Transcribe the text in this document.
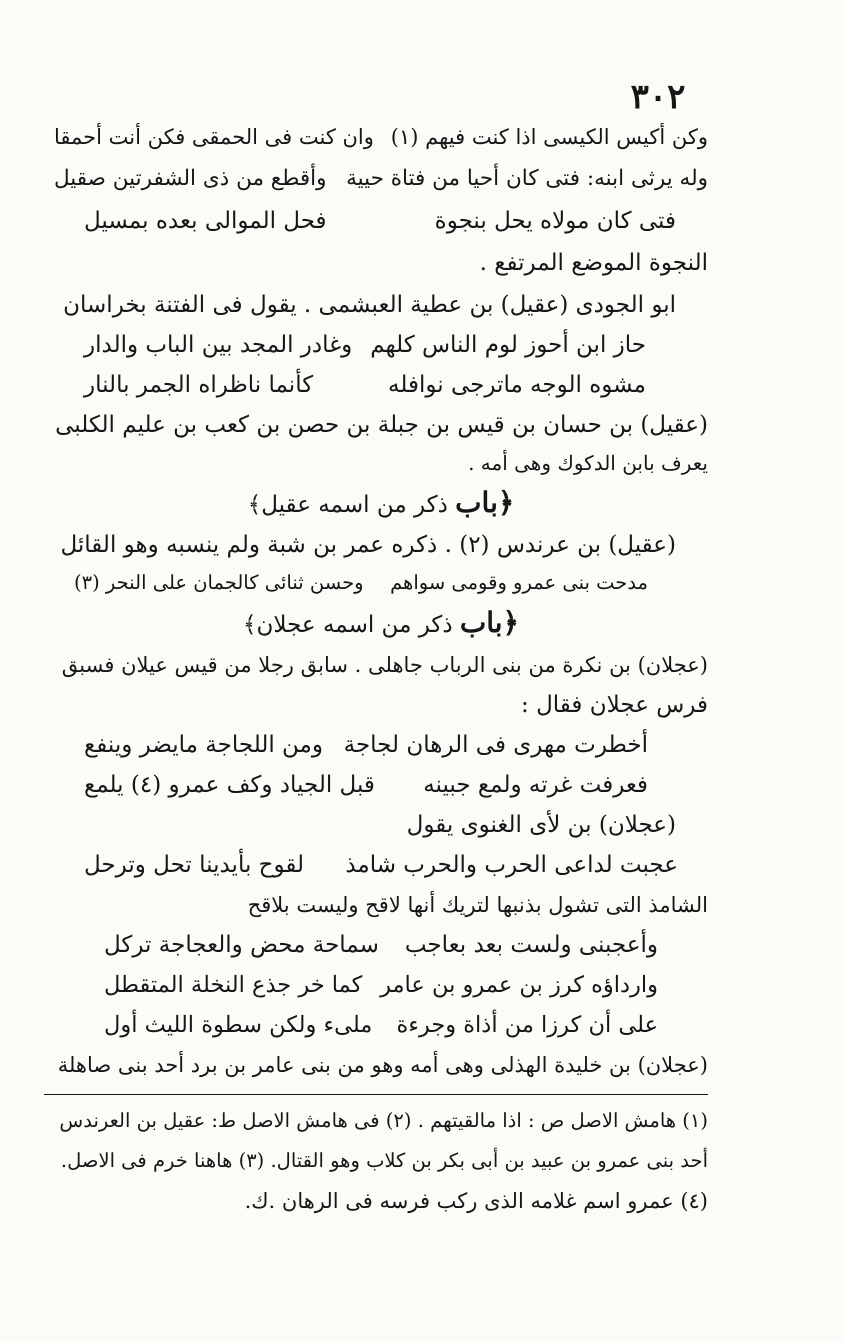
٣٠٢
وكن أكيس الكيسى اذا كنت فيهم (١)
وان كنت فى الحمقى فكن أنت أحمقا
وله يرثى ابنه: فتى كان أحيا من فتاة حيية
وأقطع من ذى الشفرتين صقيل
فتى كان مولاه يحل بنجوة
فحل الموالى بعده بمسيل
النجوة الموضع المرتفع .
ابو الجودى (عقيل) بن عطية العبشمى . يقول فى الفتنة بخراسان
حاز ابن أحوز لوم الناس كلهم
وغادر المجد بين الباب والدار
مشوه الوجه ماترجى نوافله
كأنما ناظراه الجمر بالنار
(عقيل) بن حسان بن قيس بن جبلة بن حصن بن كعب بن عليم الكلبى
يعرف بابن الدكوك وهى أمه .
﴿باب ذكر من اسمه عقيل﴾
(عقيل) بن عرندس (٢) . ذكره عمر بن شبة ولم ينسبه وهو القائل
مدحت بنى عمرو وقومى سواهم
وحسن ثنائى كالجمان على النحر (٣)
﴿باب ذكر من اسمه عجلان﴾
(عجلان) بن نكرة من بنى الرباب جاهلى . سابق رجلا من قيس عيلان فسبق
فرس عجلان فقال :
أخطرت مهرى فى الرهان لجاجة
ومن اللجاجة مايضر وينفع
فعرفت غرته ولمع جبينه
قبل الجياد وكف عمرو (٤) يلمع
(عجلان) بن لأى الغنوى يقول
عجبت لداعى الحرب والحرب شامذ
لقوح بأيدينا تحل وترحل
الشامذ التى تشول بذنبها لتريك أنها لاقح وليست بلاقح
وأعجبنى ولست بعد بعاجب
سماحة محض والعجاجة تركل
وارداؤه كرز بن عمرو بن عامر
كما خر جذع النخلة المتقطل
على أن كرزا من أذاة وجرءة
ملىء ولكن سطوة الليث أول
(عجلان) بن خليدة الهذلى وهى أمه وهو من بنى عامر بن برد أحد بنى صاهلة
(١) هامش الاصل ص : اذا مالقيتهم . (٢) فى هامش الاصل ط: عقيل بن العرندس
أحد بنى عمرو بن عبيد بن أبى بكر بن كلاب وهو القتال. (٣) هاهنا خرم فى الاصل.
(٤) عمرو اسم غلامه الذى ركب فرسه فى الرهان .ك.
